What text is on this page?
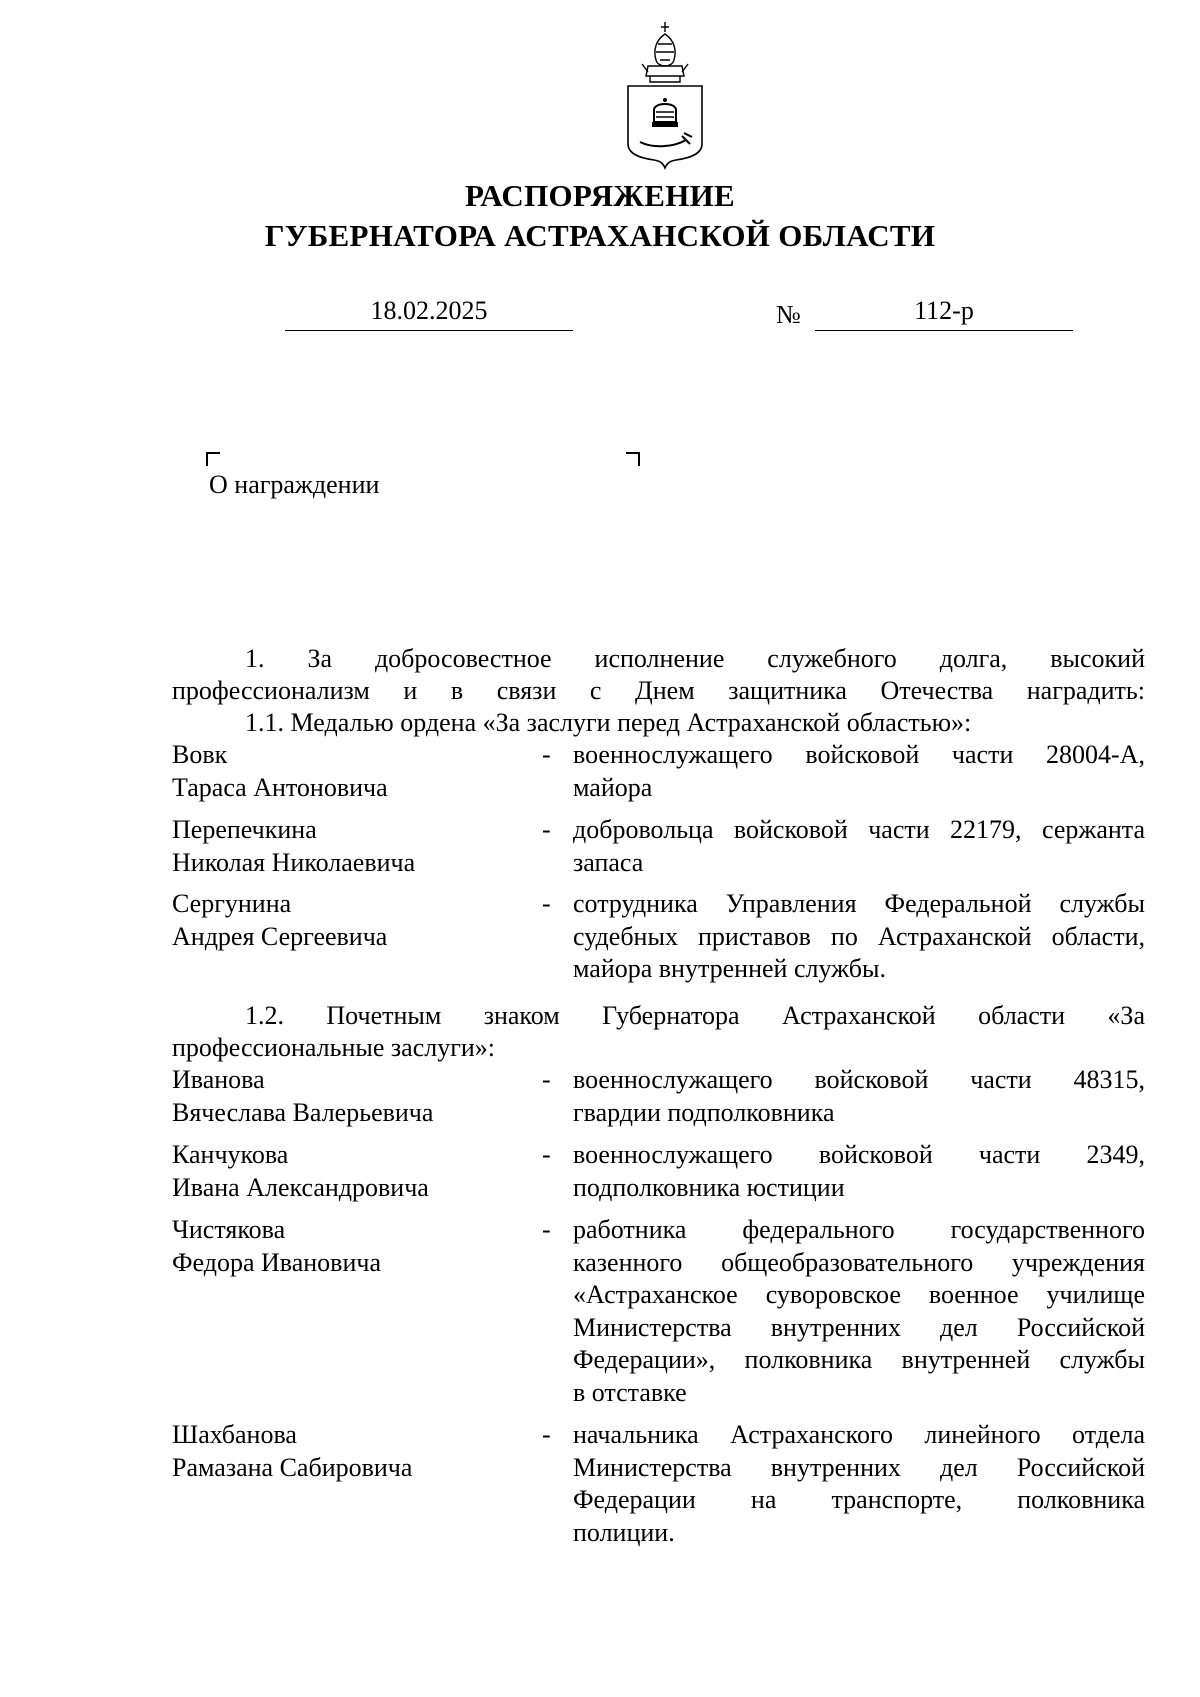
РАСПОРЯЖЕНИЕ
ГУБЕРНАТОРА АСТРАХАНСКОЙ ОБЛАСТИ
18.02.2025	№	112-р
О награждении
1. За добросовестное исполнение служебного долга, высокий
профессионализм и в связи с Днем защитника Отечества наградить:
1.1. Медалью ордена «За заслуги перед Астраханской областью»:
Вовк
Тараса Антоновича
- военнослужащего войсковой части 28004-А,
майора
Перепечкина
Николая Николаевича
- добровольца войсковой части 22179, сержанта
запаса
Сергунина
Андрея Сергеевича
- сотрудника Управления Федеральной службы
судебных приставов по Астраханской области,
майора внутренней службы.
1.2. Почетным знаком Губернатора Астраханской области «За
профессиональные заслуги»:
Иванова
Вячеслава Валерьевича
- военнослужащего войсковой части 48315,
гвардии подполковника
Канчукова
Ивана Александровича
- военнослужащего войсковой части 2349,
подполковника юстиции
Чистякова
Федора Ивановича
- работника федерального государственного
казенного общеобразовательного учреждения
«Астраханское суворовское военное училище
Министерства внутренних дел Российской
Федерации», полковника внутренней службы
в отставке
Шахбанова
Рамазана Сабировича
- начальника Астраханского линейного отдела
Министерства внутренних дел Российской
Федерации на транспорте, полковника
полиции.
